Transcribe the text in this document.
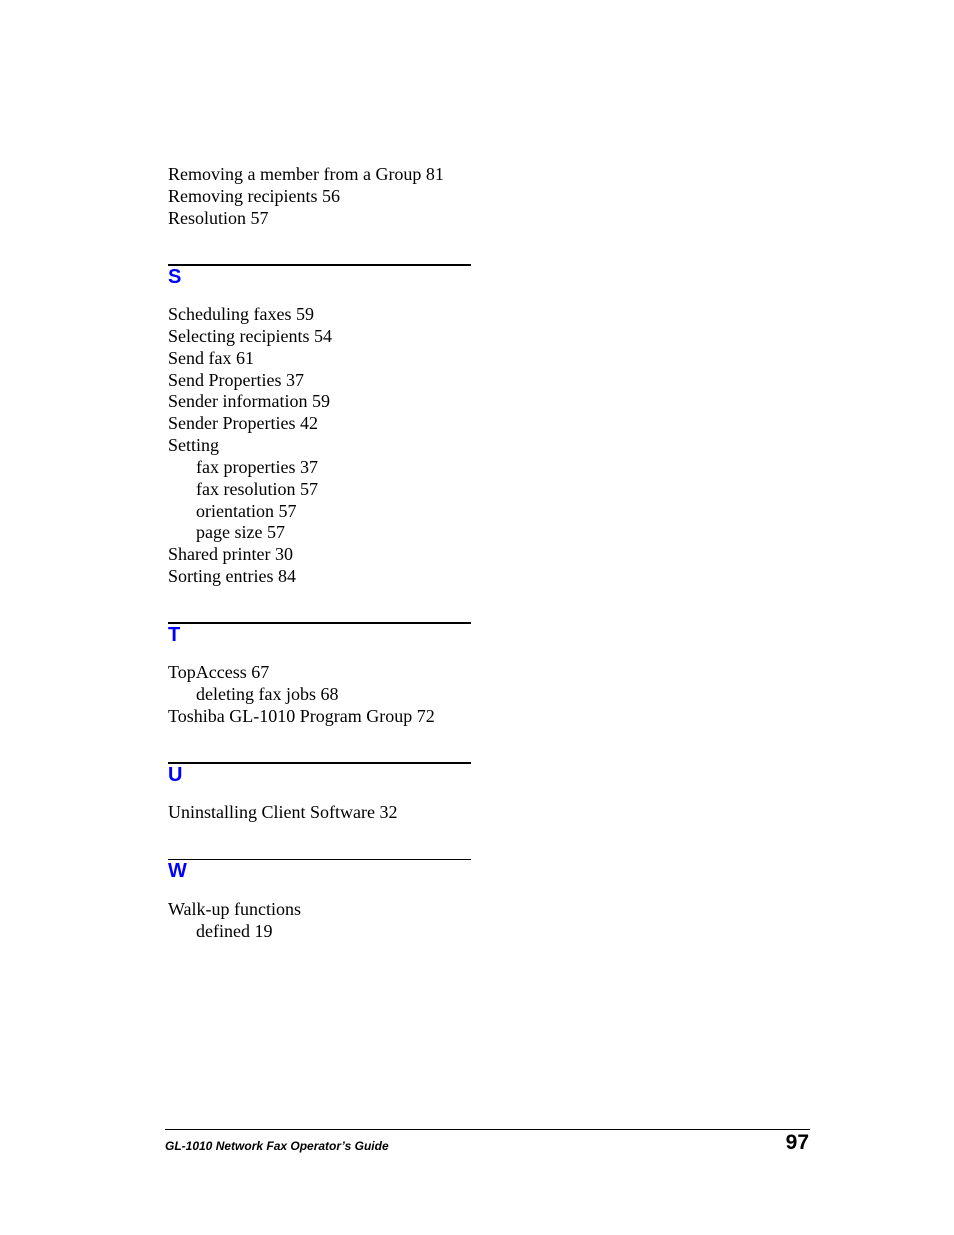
Removing a member from a Group 81
Removing recipients 56
Resolution 57
S
Scheduling faxes 59
Selecting recipients 54
Send fax 61
Send Properties 37
Sender information 59
Sender Properties 42
Setting
fax properties 37
fax resolution 57
orientation 57
page size 57
Shared printer 30
Sorting entries 84
T
TopAccess 67
deleting fax jobs 68
Toshiba GL-1010 Program Group 72
U
Uninstalling Client Software 32
W
Walk-up functions
defined 19
GL-1010 Network Fax Operator’s Guide	97
